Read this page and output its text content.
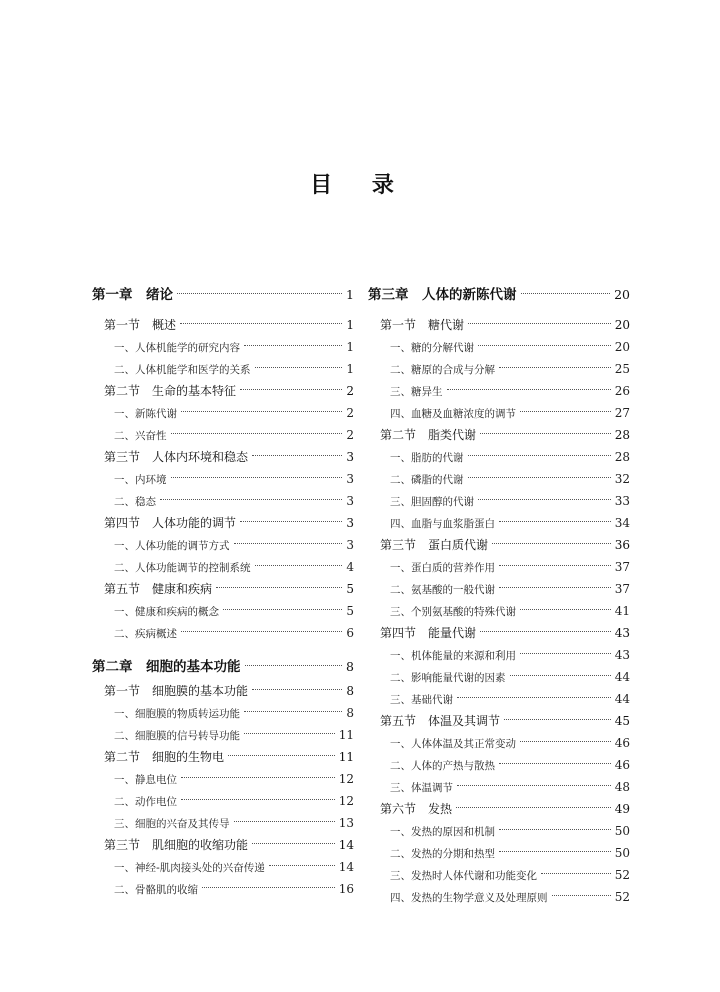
目 录
第一章　绪论	1
第一节　概述	1
一、人体机能学的研究内容	1
二、人体机能学和医学的关系	1
第二节　生命的基本特征	2
一、新陈代谢	2
二、兴奋性	2
第三节　人体内环境和稳态	3
一、内环境	3
二、稳态	3
第四节　人体功能的调节	3
一、人体功能的调节方式	3
二、人体功能调节的控制系统	4
第五节　健康和疾病	5
一、健康和疾病的概念	5
二、疾病概述	6
第二章　细胞的基本功能	8
第一节　细胞膜的基本功能	8
一、细胞膜的物质转运功能	8
二、细胞膜的信号转导功能	11
第二节　细胞的生物电	11
一、静息电位	12
二、动作电位	12
三、细胞的兴奋及其传导	13
第三节　肌细胞的收缩功能	14
一、神经-肌肉接头处的兴奋传递	14
二、骨骼肌的收缩	16
第三章　人体的新陈代谢	20
第一节　糖代谢	20
一、糖的分解代谢	20
二、糖原的合成与分解	25
三、糖异生	26
四、血糖及血糖浓度的调节	27
第二节　脂类代谢	28
一、脂肪的代谢	28
二、磷脂的代谢	32
三、胆固醇的代谢	33
四、血脂与血浆脂蛋白	34
第三节　蛋白质代谢	36
一、蛋白质的营养作用	37
二、氨基酸的一般代谢	37
三、个别氨基酸的特殊代谢	41
第四节　能量代谢	43
一、机体能量的来源和利用	43
二、影响能量代谢的因素	44
三、基础代谢	44
第五节　体温及其调节	45
一、人体体温及其正常变动	46
二、人体的产热与散热	46
三、体温调节	48
第六节　发热	49
一、发热的原因和机制	50
二、发热的分期和热型	50
三、发热时人体代谢和功能变化	52
四、发热的生物学意义及处理原则	52
